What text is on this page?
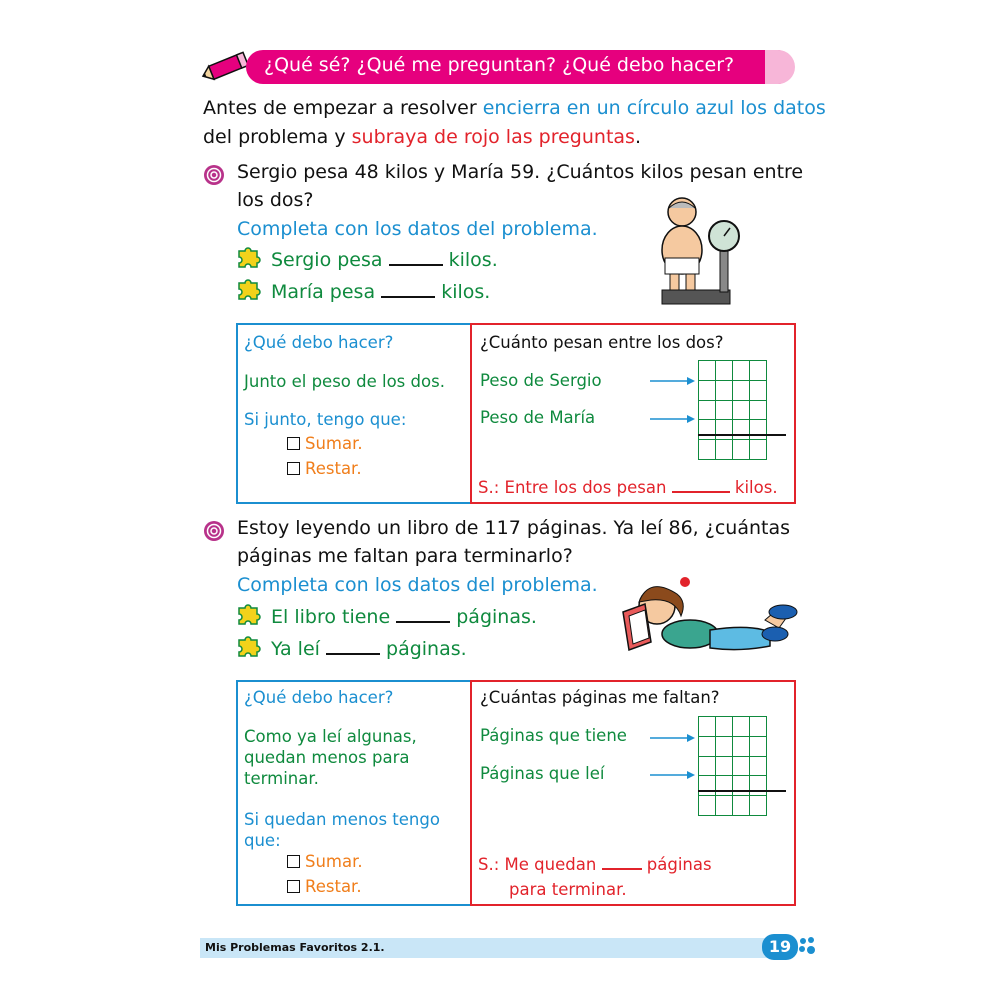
¿Qué sé? ¿Qué me preguntan? ¿Qué debo hacer?
Antes de empezar a resolver encierra en un círculo azul los datos
del problema y subraya de rojo las preguntas.
Sergio pesa 48 kilos y María 59. ¿Cuántos kilos pesan entre
los dos?
Completa con los datos del problema.
Sergio pesa	kilos.
María pesa	kilos.
¿Qué debo hacer?
Junto el peso de los dos.
Si junto, tengo que:
Sumar.
Restar.
¿Cuánto pesan entre los dos?
Peso de Sergio
Peso de María
S.: Entre los dos pesan	kilos.
Estoy leyendo un libro de 117 páginas. Ya leí 86, ¿cuántas
páginas me faltan para terminarlo?
Completa con los datos del problema.
El libro tiene	páginas.
Ya leí	páginas.
¿Qué debo hacer?
Como ya leí algunas,
quedan menos para
terminar.
Si quedan menos tengo
que:
Sumar.
Restar.
¿Cuántas páginas me faltan?
Páginas que tiene
Páginas que leí
S.: Me quedan	páginas
para terminar.
Mis Problemas Favoritos 2.1.	19
